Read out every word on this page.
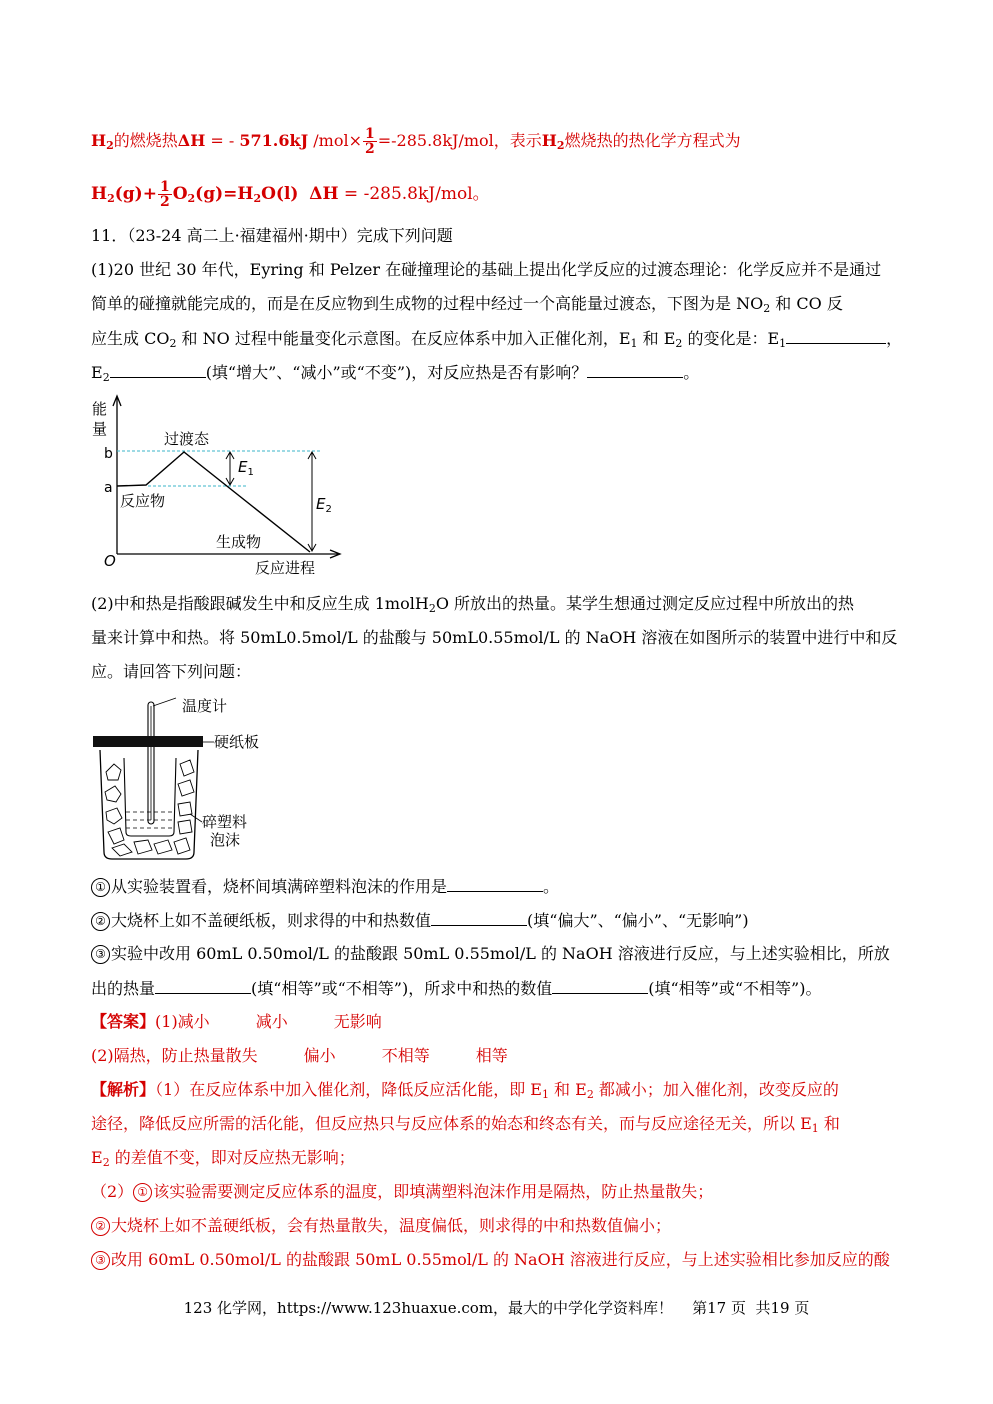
$H_2$的燃烧热ΔH = - 571.6kJ $/mol\times \frac{1}{2} =-285.8kJ/mol$，表示$H_2$燃烧热的热化学方程式为
$H_2(g)+ \frac{1}{2} O_2(g)=H_2O(l) \Delta H = -285.8kJ/mol$。
11．（23-24 高二上·福建福州·期中）完成下列问题
(1)20 世纪 30 年代，Eyring 和 Pelzer 在碰撞理论的基础上提出化学反应的过渡态理论：化学反应并不是通过
简单的碰撞就能完成的，而是在反应物到生成物的过程中经过一个高能量过渡态，下图为是 $NO_2$ 和 CO 反
应生成 $CO_2$ 和 NO 过程中能量变化示意图。在反应体系中加入正催化剂，$E_1$ 和 $E_2$ 的变化是：$E_1$	，
$E_2$	(填“增大”、“减小”或“不变”)，对反应热是否有影响？	。
能
量
b
a
O	反应进程
过渡态
反应物
生成物
$E_1$
$E_2$
(2)中和热是指酸跟碱发生中和反应生成 1molH$_2$O 所放出的热量。某学生想通过测定反应过程中所放出的热
量来计算中和热。将 50mL0.5mol/L 的盐酸与 50mL0.55mol/L 的 NaOH 溶液在如图所示的装置中进行中和反
应。请回答下列问题：
温度计
硬纸板
碎塑料
泡沫
① 从实验装置看，烧杯间填满碎塑料泡沫的作用是	。
② 大烧杯上如不盖硬纸板，则求得的中和热数值	(填“偏大”、“偏小”、“无影响”)
③ 实验中改用 60mL 0.50mol/L 的盐酸跟 50mL 0.55mol/L 的 NaOH 溶液进行反应，与上述实验相比，所放
出的热量	(填“相等”或“不相等”)，所求中和热的数值	(填“相等”或“不相等”)。
【答案】(1)减小	减小	无影响
(2)隔热，防止热量散失	偏小	不相等	相等
【解析】（1）在反应体系中加入催化剂，降低反应活化能，即 $E_1$ 和 $E_2$ 都减小；加入催化剂，改变反应的
途径，降低反应所需的活化能，但反应热只与反应体系的始态和终态有关，而与反应途径无关，所以 $E_1$ 和
$E_2$ 的差值不变，即对反应热无影响；
（2） ① 该实验需要测定反应体系的温度，即填满塑料泡沫作用是隔热，防止热量散失；
② 大烧杯上如不盖硬纸板，会有热量散失，温度偏低，则求得的中和热数值偏小；
③ 改用 60mL 0.50mol/L 的盐酸跟 50mL 0.55mol/L 的 NaOH 溶液进行反应，与上述实验相比参加反应的酸
123 化学网，https://www.123huaxue.com，最大的中学化学资料库！    第17 页  共19 页
